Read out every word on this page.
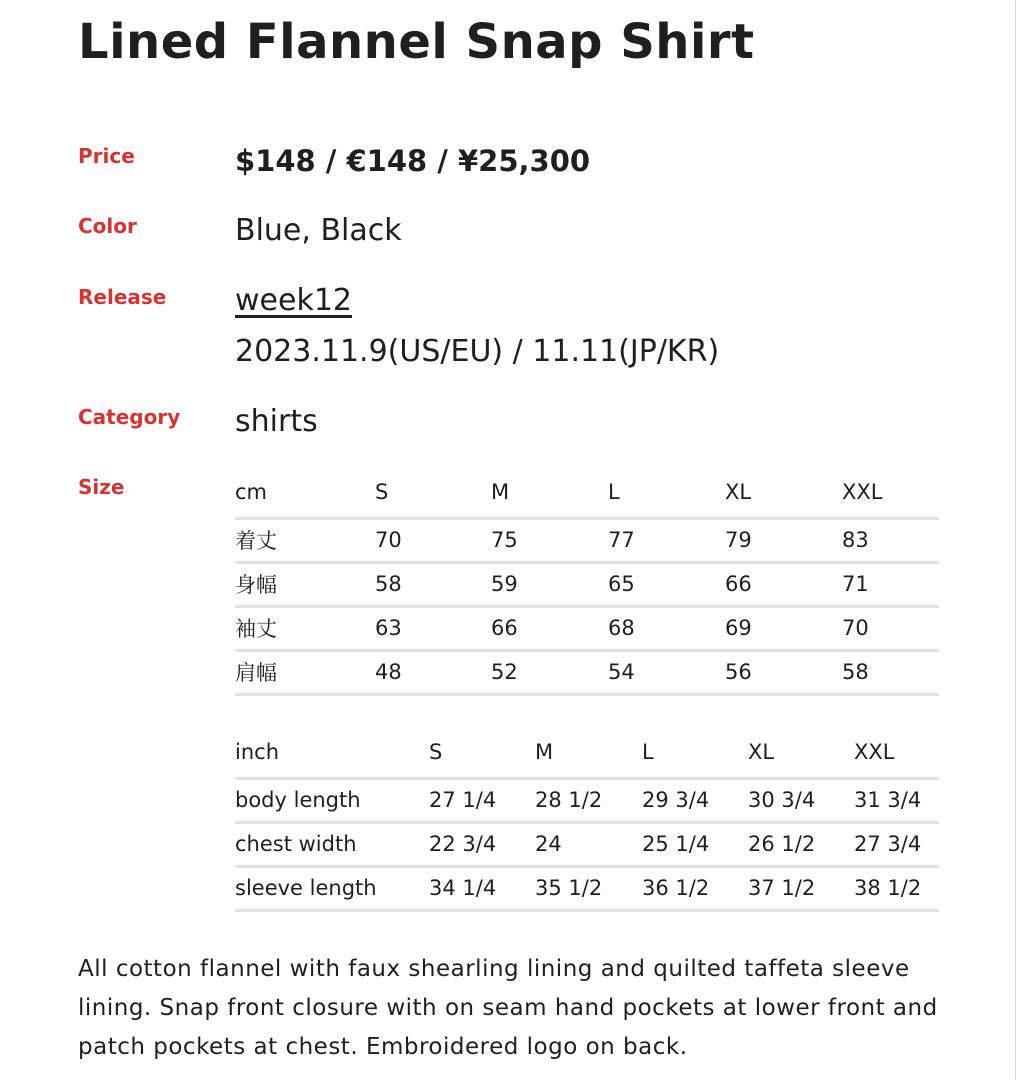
Lined Flannel Snap Shirt
Price	$148 / €148 / ¥25,300
Color	Blue, Black
Release week12
2023.11.9(US/EU) / 11.11(JP/KR)
Category shirts
Size	cm	S	M	L	XL	XXL
着丈	70	75	77	79	83
身幅	58	59	65	66	71
袖丈	63	66	68	69	70
肩幅	48	52	54	56	58
inch	S	M	L	XL	XXL
body length	27 1/4	28 1/2	29 3/4	30 3/4	31 3/4
chest width	22 3/4	24	25 1/4	26 1/2	27 3/4
sleeve length	34 1/4	35 1/2	36 1/2	37 1/2	38 1/2

All cotton flannel with faux shearling lining and quilted taffeta sleeve lining. Snap front closure with on seam hand pockets at lower front and patch pockets at chest. Embroidered logo on back.
